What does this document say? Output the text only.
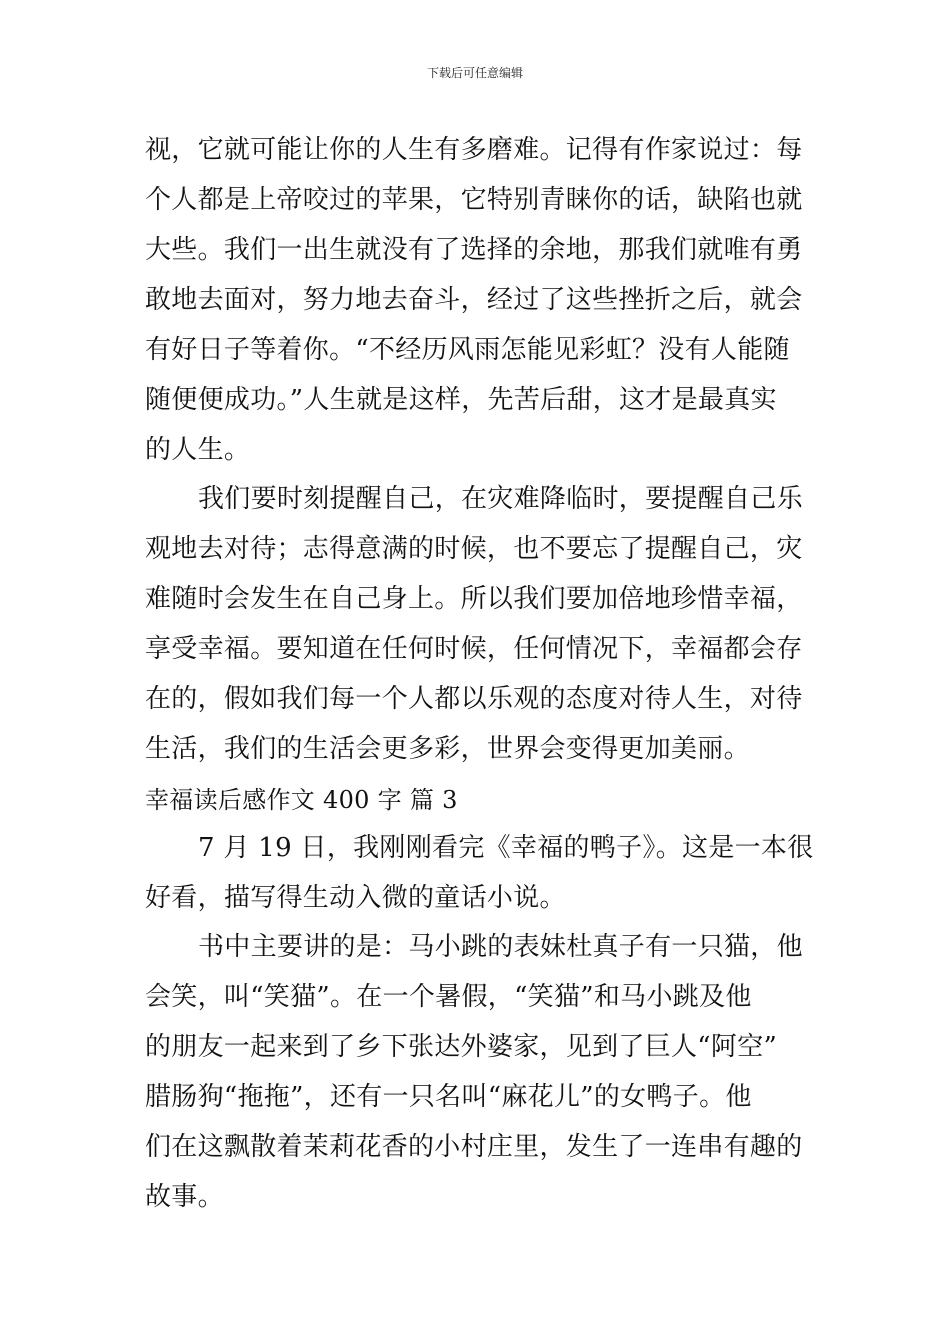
下载后可任意编辑
视，它就可能让你的人生有多磨难。记得有作家说过：每
个人都是上帝咬过的苹果，它特别青睐你的话，缺陷也就
大些。我们一出生就没有了选择的余地，那我们就唯有勇
敢地去面对，努力地去奋斗，经过了这些挫折之后，就会
有好日子等着你。“不经历风雨怎能见彩虹？没有人能随
随便便成功。”人生就是这样，先苦后甜，这才是最真实
的人生。
我们要时刻提醒自己，在灾难降临时，要提醒自己乐
观地去对待；志得意满的时候，也不要忘了提醒自己，灾
难随时会发生在自己身上。所以我们要加倍地珍惜幸福，
享受幸福。要知道在任何时候，任何情况下，幸福都会存
在的，假如我们每一个人都以乐观的态度对待人生，对待
生活，我们的生活会更多彩，世界会变得更加美丽。
幸福读后感作文 400 字 篇 3
7 月 19 日，我刚刚看完《幸福的鸭子》。这是一本很
好看，描写得生动入微的童话小说。
书中主要讲的是：马小跳的表妹杜真子有一只猫，他
会笑，叫“笑猫”。在一个暑假，“笑猫”和马小跳及他
的朋友一起来到了乡下张达外婆家，见到了巨人“阿空”
腊肠狗“拖拖”，还有一只名叫“麻花儿”的女鸭子。他
们在这飘散着茉莉花香的小村庄里，发生了一连串有趣的
故事。
